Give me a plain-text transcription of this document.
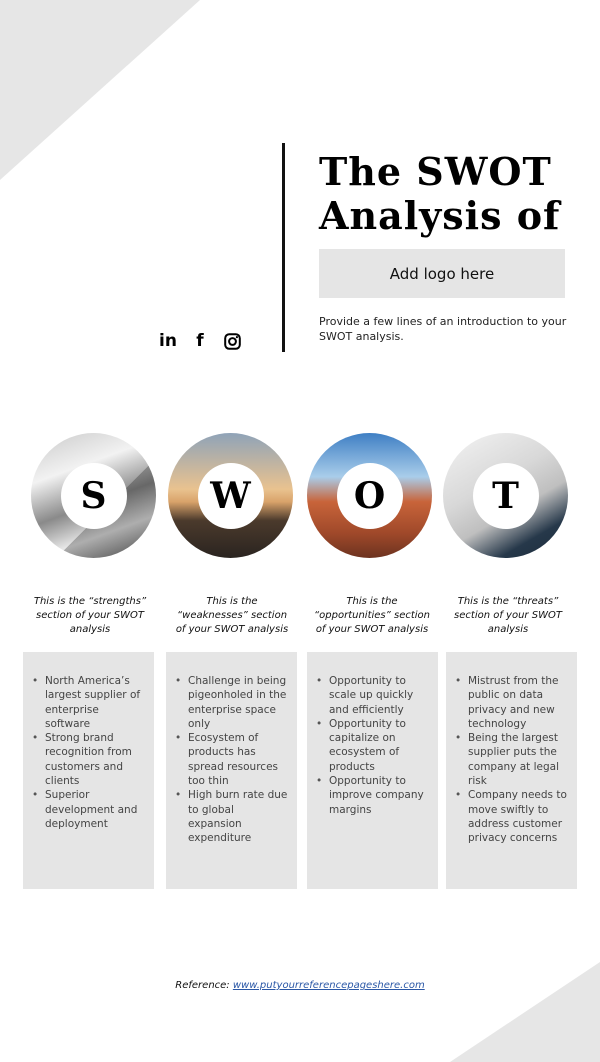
The SWOT
Analysis of
Add logo here
Provide a few lines of an introduction to your SWOT analysis.
in	f
S	W	O	T
This is the “strengths” section of your SWOT analysis
This is the “weaknesses” section of your SWOT analysis
This is the “opportunities” section of your SWOT analysis
This is the “threats” section of your SWOT analysis
• North America’s largest supplier of enterprise software
• Strong brand recognition from customers and clients
• Superior development and deployment
• Challenge in being pigeonholed in the enterprise space only
• Ecosystem of products has spread resources too thin
• High burn rate due to global expansion expenditure
• Opportunity to scale up quickly and efficiently
• Opportunity to capitalize on ecosystem of products
• Opportunity to improve company margins
• Mistrust from the public on data privacy and new technology
• Being the largest supplier puts the company at legal risk
• Company needs to move swiftly to address customer privacy concerns
Reference: www.putyourreferencepageshere.com
